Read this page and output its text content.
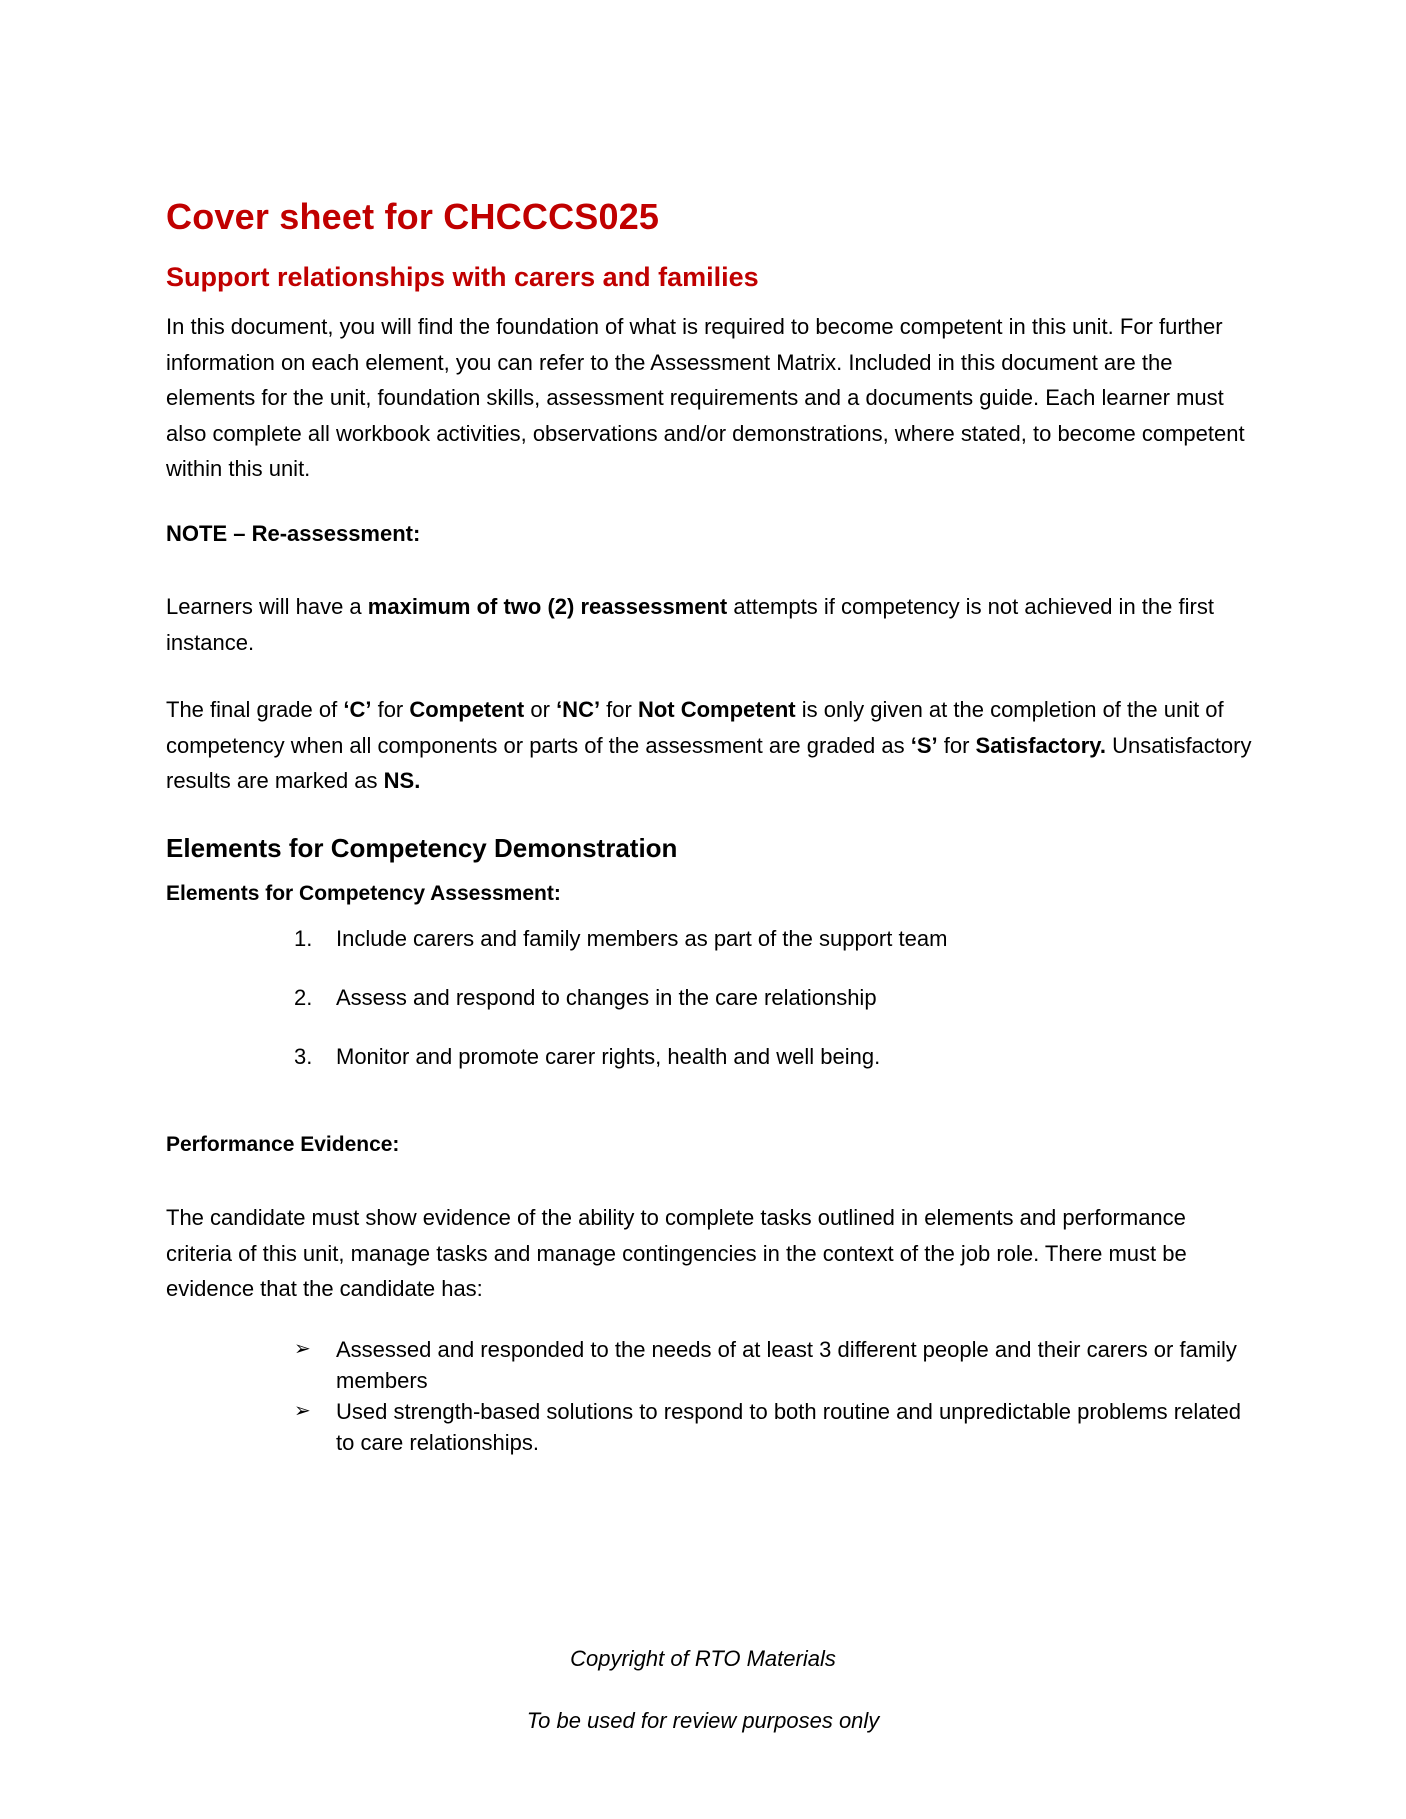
Cover sheet for CHCCCS025
Support relationships with carers and families

In this document, you will find the foundation of what is required to become competent in this unit. For further information on each element, you can refer to the Assessment Matrix. Included in this document are the elements for the unit, foundation skills, assessment requirements and a documents guide. Each learner must also complete all workbook activities, observations and/or demonstrations, where stated, to become competent within this unit.

NOTE – Re-assessment:

Learners will have a maximum of two (2) reassessment attempts if competency is not achieved in the first instance.

The final grade of ‘C’ for Competent or ‘NC’ for Not Competent is only given at the completion of the unit of competency when all components or parts of the assessment are graded as ‘S’ for Satisfactory. Unsatisfactory results are marked as NS.

Elements for Competency Demonstration
Elements for Competency Assessment:
1. Include carers and family members as part of the support team
2. Assess and respond to changes in the care relationship
3. Monitor and promote carer rights, health and well being.
Performance Evidence:

The candidate must show evidence of the ability to complete tasks outlined in elements and performance criteria of this unit, manage tasks and manage contingencies in the context of the job role. There must be evidence that the candidate has:

➢ Assessed and responded to the needs of at least 3 different people and their carers or family members
➢ Used strength-based solutions to respond to both routine and unpredictable problems related to care relationships.

Copyright of RTO Materials

To be used for review purposes only
